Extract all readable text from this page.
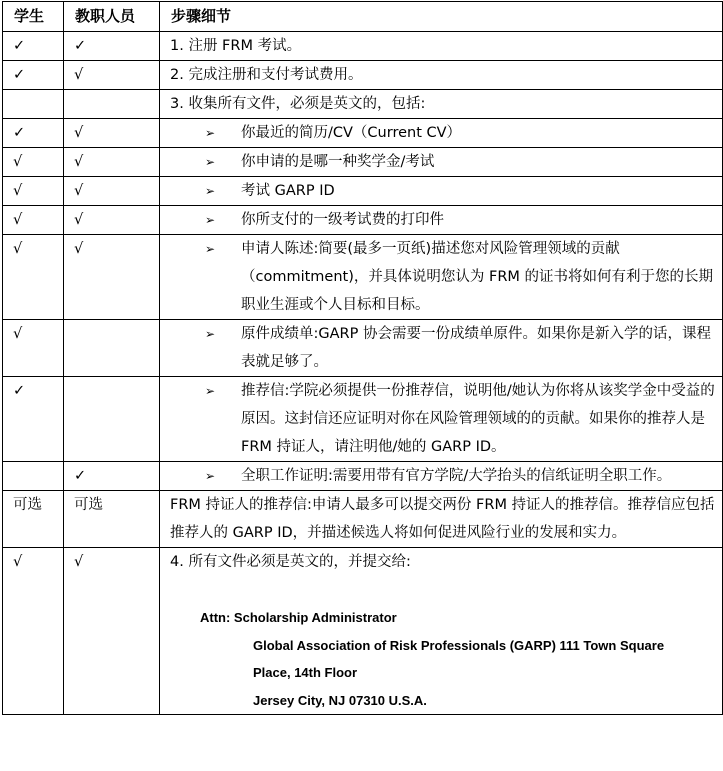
学生	教职人员	步骤细节
✓	✓	1. 注册 FRM 考试。
✓	√	2. 完成注册和支付考试费用。
		3. 收集所有文件，必须是英文的，包括:
✓	√	➢ 你最近的简历/CV（Current CV）

√	√	➢ 你申请的是哪一种奖学金/考试

√	√	➢ 考试 GARP ID

√	√	➢ 你所支付的一级考试费的打印件

√	√	➢ 申请人陈述:简要(最多一页纸)描述您对风险管理领域的贡献（commitment)，并具体说明您认为 FRM 的证书将如何有利于您的长期职业生涯或个人目标和目标。

√		➢ 原件成绩单:GARP 协会需要一份成绩单原件。如果你是新入学的话，课程表就足够了。

✓		➢ 推荐信:学院必须提供一份推荐信，说明他/她认为你将从该奖学金中受益的原因。这封信还应证明对你在风险管理领域的的贡献。如果你的推荐人是 FRM 持证人，请注明他/她的 GARP ID。

	✓	➢ 全职工作证明:需要用带有官方学院/大学抬头的信纸证明全职工作。

可选	可选	FRM 持证人的推荐信:申请人最多可以提交两份 FRM 持证人的推荐信。推荐信应包括推荐人的 GARP ID，并描述候选人将如何促进风险行业的发展和实力。
√	√	4. 所有文件必须是英文的，并提交给:
Attn: Scholarship Administrator
Global Association of Risk Professionals (GARP) 111 Town Square
Place, 14th Floor
Jersey City, NJ 07310 U.S.A.
